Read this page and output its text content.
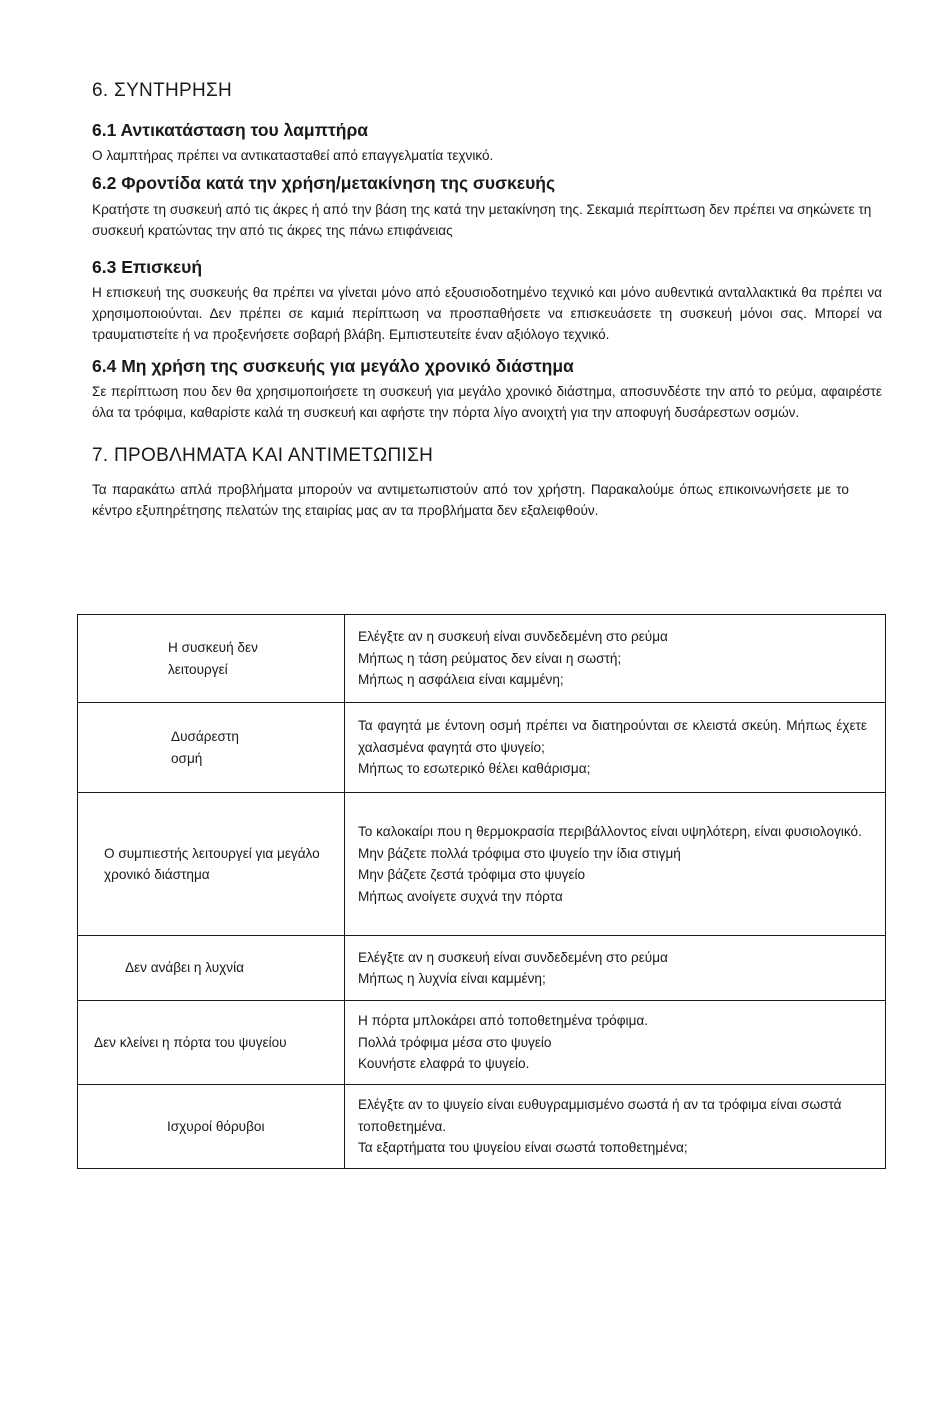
6. ΣΥΝΤΗΡΗΣΗ
6.1 Αντικατάσταση του λαμπτήρα

Ο λαμπτήρας πρέπει να αντικατασταθεί από επαγγελματία τεχνικό.

6.2 Φροντίδα κατά την χρήση/μετακίνηση της συσκευής

Κρατήστε τη συσκευή από τις άκρες ή από την βάση της κατά την μετακίνηση της. Σεκαμιά περίπτωση δεν πρέπει να σηκώνετε τη συσκευή κρατώντας την από τις άκρες της πάνω επιφάνειας

6.3 Επισκευή

Η επισκευή της συσκευής θα πρέπει να γίνεται μόνο από εξουσιοδοτημένο τεχνικό και μόνο αυθεντικά ανταλλακτικά θα πρέπει να χρησιμοποιούνται. Δεν πρέπει σε καμιά περίπτωση να προσπαθήσετε να επισκευάσετε τη συσκευή μόνοι σας. Μπορεί να τραυματιστείτε ή να προξενήσετε σοβαρή βλάβη. Εμπιστευτείτε έναν αξιόλογο τεχνικό.

6.4 Μη χρήση της συσκευής για μεγάλο χρονικό διάστημα

Σε περίπτωση που δεν θα χρησιμοποιήσετε τη συσκευή για μεγάλο χρονικό διάστημα, αποσυνδέστε την από το ρεύμα, αφαιρέστε όλα τα τρόφιμα, καθαρίστε καλά τη συσκευή και αφήστε την πόρτα λίγο ανοιχτή για την αποφυγή δυσάρεστων οσμών.

7. ΠΡΟΒΛΗΜΑΤΑ ΚΑΙ ΑΝΤΙΜΕΤΩΠΙΣΗ

Τα παρακάτω απλά προβλήματα μπορούν να αντιμετωπιστούν από τον χρήστη. Παρακαλούμε όπως επικοινωνήσετε με το κέντρο εξυπηρέτησης πελατών της εταιρίας μας αν τα προβλήματα δεν εξαλειφθούν.

Η συσκευή δεν λειτουργεί	Ελέγξτε αν η συσκευή είναι συνδεδεμένη στο ρεύμα
Μήπως η τάση ρεύματος δεν είναι η σωστή;
Μήπως η ασφάλεια είναι καμμένη;

Δυσάρεστη οσμή	Τα φαγητά με έντονη οσμή πρέπει να διατηρούνται σε κλειστά σκεύη. Μήπως έχετε χαλασμένα φαγητά στο ψυγείο;
Μήπως το εσωτερικό θέλει καθάρισμα;

Ο συμπιεστής λειτουργεί για μεγάλο χρονικό διάστημα	Το καλοκαίρι που η θερμοκρασία περιβάλλοντος είναι υψηλότερη, είναι φυσιολογικό.
Μην βάζετε πολλά τρόφιμα στο ψυγείο την ίδια στιγμή
Μην βάζετε ζεστά τρόφιμα στο ψυγείο
Μήπως ανοίγετε συχνά την πόρτα

Δεν ανάβει η λυχνία	Ελέγξτε αν η συσκευή είναι συνδεδεμένη στο ρεύμα
Μήπως η λυχνία είναι καμμένη;

Δεν κλείνει η πόρτα του ψυγείου	Η πόρτα μπλοκάρει από τοποθετημένα τρόφιμα.
Πολλά τρόφιμα μέσα στο ψυγείο
Κουνήστε ελαφρά το ψυγείο.

Ισχυροί θόρυβοι	Ελέγξτε αν το ψυγείο είναι ευθυγραμμισμένο σωστά ή αν τα τρόφιμα είναι σωστά τοποθετημένα.
Τα εξαρτήματα του ψυγείου είναι σωστά τοποθετημένα;
